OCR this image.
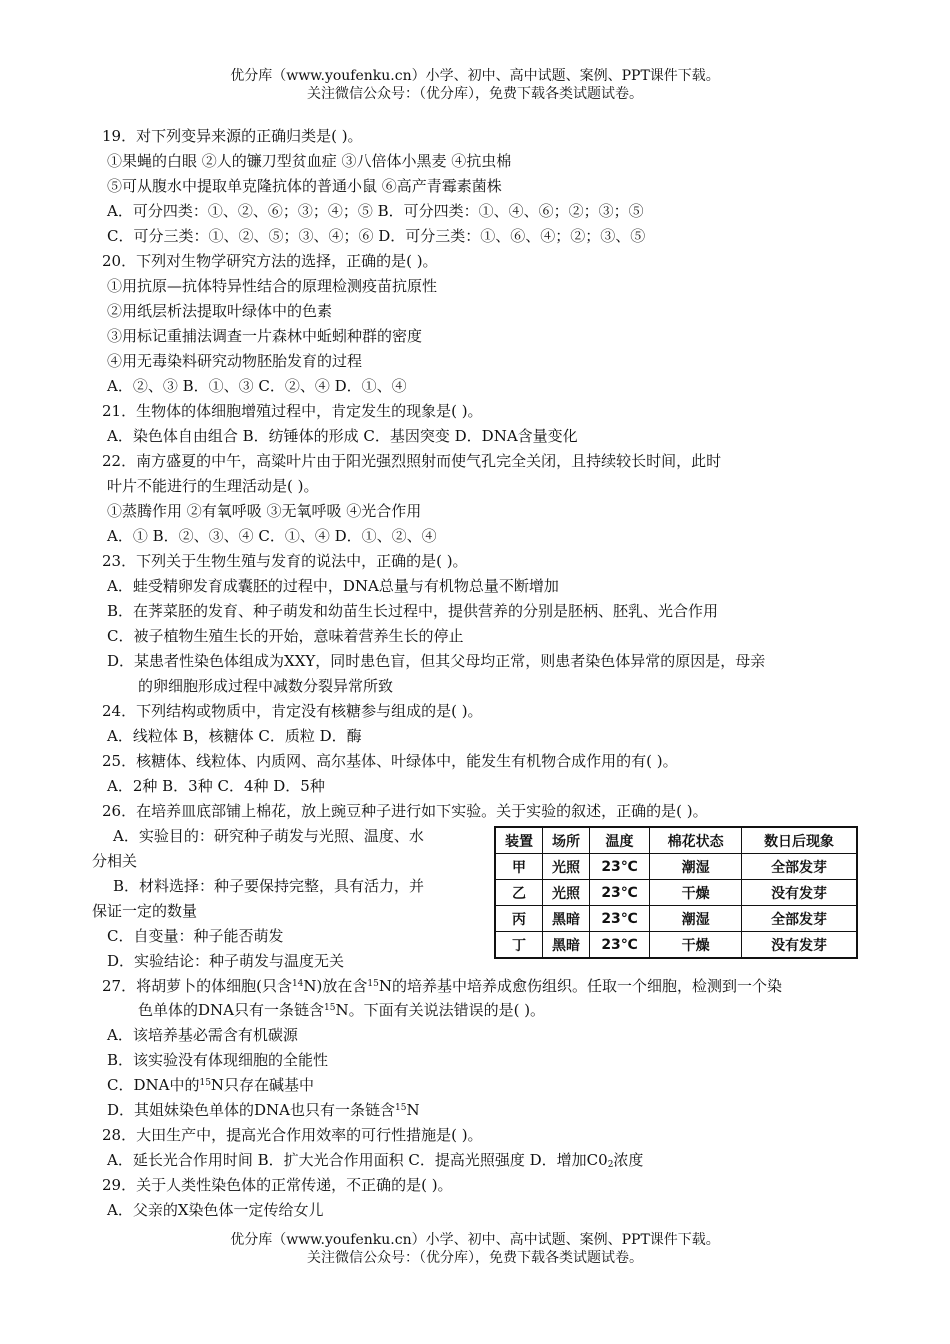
优分库（www.youfenku.cn）小学、初中、高中试题、案例、PPT课件下载。
关注微信公众号：（优分库），免费下载各类试题试卷。
19．对下列变异来源的正确归类是( )。
①果蝇的白眼 ②人的镰刀型贫血症 ③八倍体小黑麦 ④抗虫棉
⑤可从腹水中提取单克隆抗体的普通小鼠 ⑥高产青霉素菌株
A．可分四类：①、②、⑥；③；④；⑤ B．可分四类：①、④、⑥；②；③；⑤
C．可分三类：①、②、⑤；③、④；⑥ D．可分三类：①、⑥、④；②；③、⑤
20．下列对生物学研究方法的选择，正确的是( )。
①用抗原—抗体特异性结合的原理检测疫苗抗原性
②用纸层析法提取叶绿体中的色素
③用标记重捕法调查一片森林中蚯蚓种群的密度
④用无毒染料研究动物胚胎发育的过程
A．②、③ B．①、③ C．②、④ D．①、④
21．生物体的体细胞增殖过程中，肯定发生的现象是( )。
A．染色体自由组合 B．纺锤体的形成 C．基因突变 D．DNA含量变化
22．南方盛夏的中午，高粱叶片由于阳光强烈照射而使气孔完全关闭，且持续较长时间，此时
叶片不能进行的生理活动是( )。
①蒸腾作用 ②有氧呼吸 ③无氧呼吸 ④光合作用
A．① B．②、③、④ C．①、④ D．①、②、④
23．下列关于生物生殖与发育的说法中，正确的是( )。
A．蛙受精卵发育成囊胚的过程中，DNA总量与有机物总量不断增加
B．在荠菜胚的发育、种子萌发和幼苗生长过程中，提供营养的分别是胚柄、胚乳、光合作用
C．被子植物生殖生长的开始，意味着营养生长的停止
D．某患者性染色体组成为XXY，同时患色盲，但其父母均正常，则患者染色体异常的原因是，母亲
的卵细胞形成过程中减数分裂异常所致
24．下列结构或物质中，肯定没有核糖参与组成的是( )。
A．线粒体 B，核糖体 C．质粒 D．酶
25．核糖体、线粒体、内质网、高尔基体、叶绿体中，能发生有机物合成作用的有( )。
A．2种 B．3种 C．4种 D．5种
26．在培养皿底部铺上棉花，放上豌豆种子进行如下实验。关于实验的叙述，正确的是( )。
A．实验目的：研究种子萌发与光照、温度、水
分相关
B．材料选择：种子要保持完整，具有活力，并
保证一定的数量
C．自变量：种子能否萌发
D．实验结论：种子萌发与温度无关
装置	场所	温度	棉花状态	数日后现象
甲	光照	23℃	潮湿	全部发芽
乙	光照	23℃	干燥	没有发芽
丙	黑暗	23℃	潮湿	全部发芽
丁	黑暗	23℃	干燥	没有发芽
27．将胡萝卜的体细胞(只含$^{14}$N)放在含$^{15}$N的培养基中培养成愈伤组织。任取一个细胞，检测到一个染
色单体的DNA只有一条链含$^{15}$N。下面有关说法错误的是( )。
A．该培养基必需含有机碳源
B．该实验没有体现细胞的全能性
C．DNA中的$^{15}$N只存在碱基中
D．其姐妹染色单体的DNA也只有一条链含$^{15}$N
28．大田生产中，提高光合作用效率的可行性措施是( )。
A．延长光合作用时间 B．扩大光合作用面积 C．提高光照强度 D．增加$C0_2$浓度
29．关于人类性染色体的正常传递，不正确的是( )。
A．父亲的X染色体一定传给女儿
优分库（www.youfenku.cn）小学、初中、高中试题、案例、PPT课件下载。
关注微信公众号：（优分库），免费下载各类试题试卷。
